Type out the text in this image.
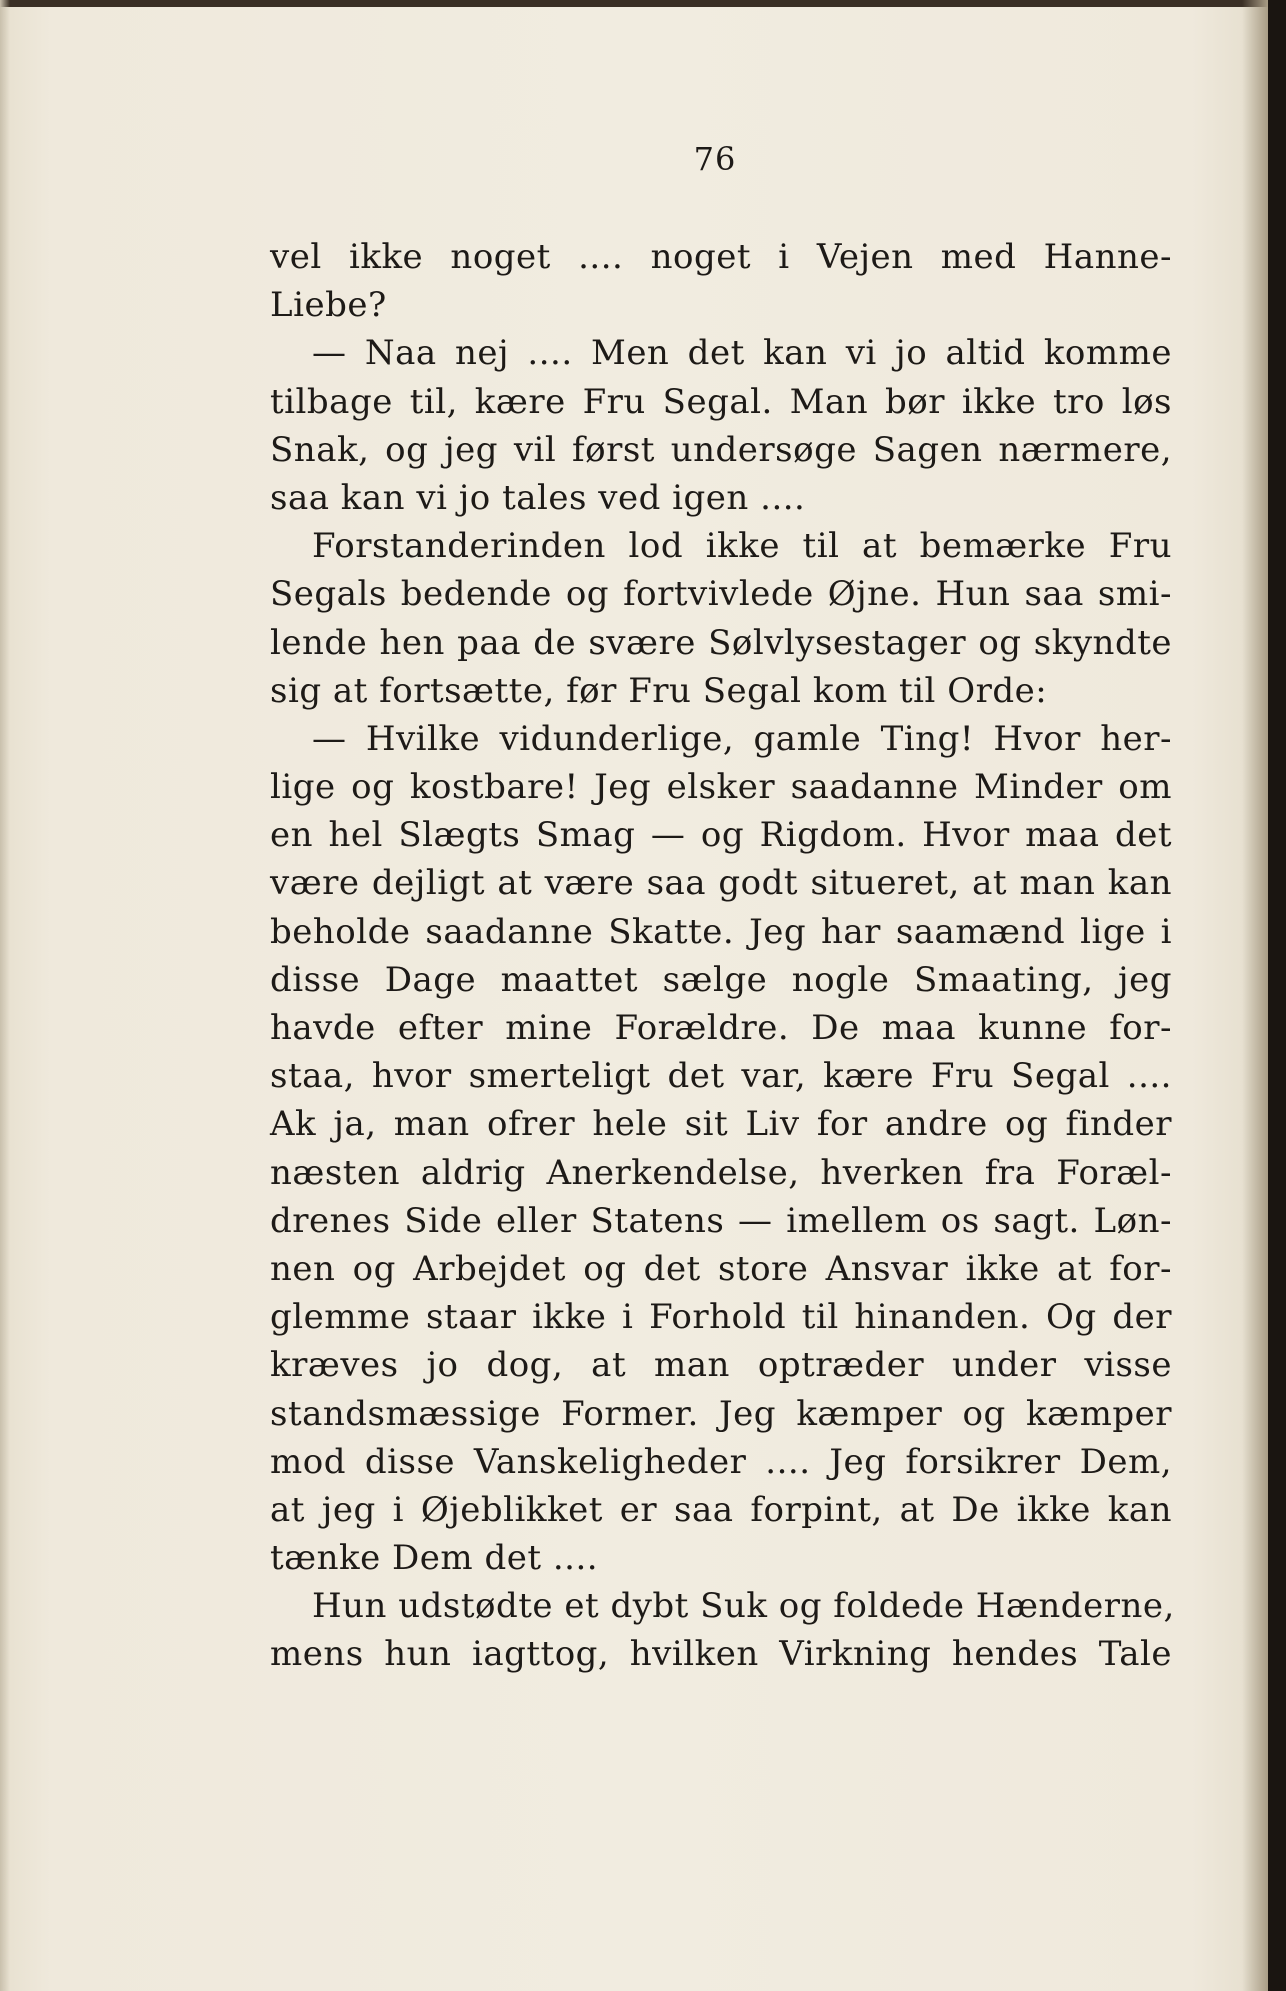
76
vel ikke noget .... noget i Vejen med Hanne-
Liebe?
— Naa nej .... Men det kan vi jo altid komme
tilbage til, kære Fru Segal. Man bør ikke tro løs
Snak, og jeg vil først undersøge Sagen nærmere,
saa kan vi jo tales ved igen ....
Forstanderinden lod ikke til at bemærke Fru
Segals bedende og fortvivlede Øjne. Hun saa smi-
lende hen paa de svære Sølvlysestager og skyndte
sig at fortsætte, før Fru Segal kom til Orde:
— Hvilke vidunderlige, gamle Ting! Hvor her-
lige og kostbare! Jeg elsker saadanne Minder om
en hel Slægts Smag — og Rigdom. Hvor maa det
være dejligt at være saa godt situeret, at man kan
beholde saadanne Skatte. Jeg har saamænd lige i
disse Dage maattet sælge nogle Smaating, jeg
havde efter mine Forældre. De maa kunne for-
staa, hvor smerteligt det var, kære Fru Segal ....
Ak ja, man ofrer hele sit Liv for andre og finder
næsten aldrig Anerkendelse, hverken fra Foræl-
drenes Side eller Statens — imellem os sagt. Løn-
nen og Arbejdet og det store Ansvar ikke at for-
glemme staar ikke i Forhold til hinanden. Og der
kræves jo dog, at man optræder under visse
standsmæssige Former. Jeg kæmper og kæmper
mod disse Vanskeligheder .... Jeg forsikrer Dem,
at jeg i Øjeblikket er saa forpint, at De ikke kan
tænke Dem det ....
Hun udstødte et dybt Suk og foldede Hænderne,
mens hun iagttog, hvilken Virkning hendes Tale
